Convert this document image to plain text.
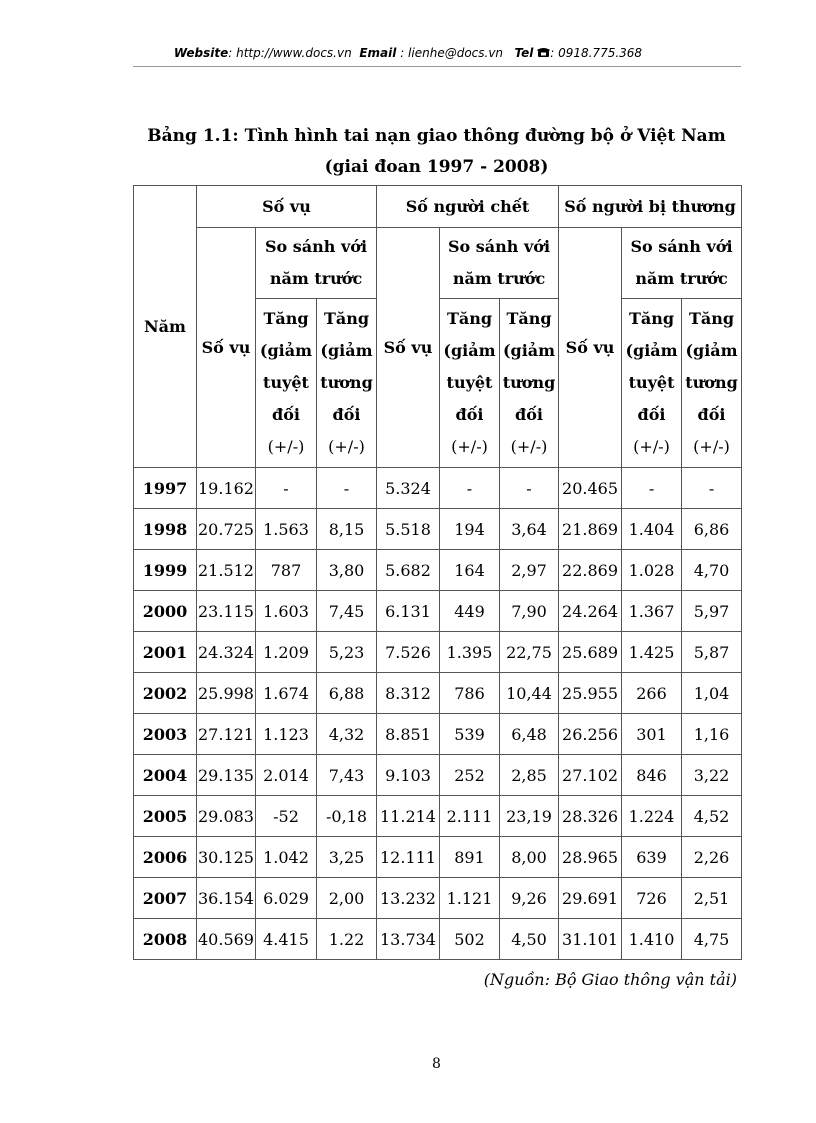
Website: http://www.docs.vn Email : lienhe@docs.vn Tel : 0918.775.368
Bảng 1.1: Tình hình tai nạn giao thông đường bộ ở Việt Nam
(giai đoan 1997 - 2008)
Năm	Số vụ			Số người chết			Số người bị thương		
	Số vụ	So sánh với năm trước		Số vụ	So sánh với năm trước		Số vụ	So sánh với năm trước	
		Tăng
(giảm
tuyệt
đối
(+/-)	Tăng
(giảm
tương
đối
(+/-)		Tăng
(giảm
tuyệt
đối
(+/-)	Tăng
(giảm
tương
đối
(+/-)		Tăng
(giảm
tuyệt
đối
(+/-)	Tăng
(giảm
tương
đối
(+/-)
1997	19.162	-	-	5.324	-	-	20.465	-	-
1998	20.725	1.563	8,15	5.518	194	3,64	21.869	1.404	6,86
1999	21.512	787	3,80	5.682	164	2,97	22.869	1.028	4,70
2000	23.115	1.603	7,45	6.131	449	7,90	24.264	1.367	5,97
2001	24.324	1.209	5,23	7.526	1.395	22,75	25.689	1.425	5,87
2002	25.998	1.674	6,88	8.312	786	10,44	25.955	266	1,04
2003	27.121	1.123	4,32	8.851	539	6,48	26.256	301	1,16
2004	29.135	2.014	7,43	9.103	252	2,85	27.102	846	3,22
2005	29.083	-52	-0,18	11.214	2.111	23,19	28.326	1.224	4,52
2006	30.125	1.042	3,25	12.111	891	8,00	28.965	639	2,26
2007	36.154	6.029	2,00	13.232	1.121	9,26	29.691	726	2,51
2008	40.569	4.415	1.22	13.734	502	4,50	31.101	1.410	4,75
(Nguồn: Bộ Giao thông vận tải)
8
